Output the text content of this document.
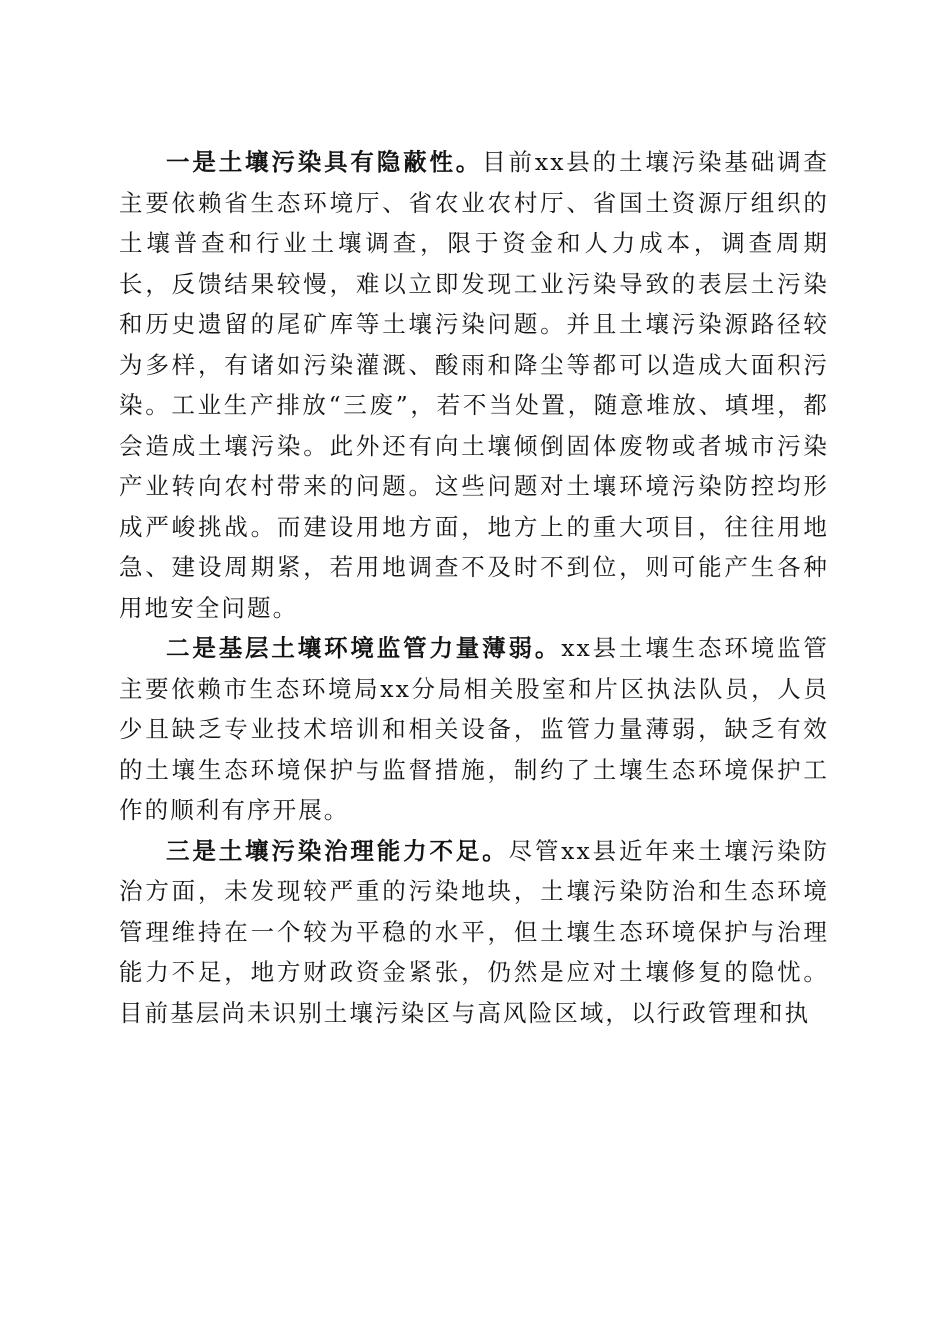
一是土壤污染具有隐蔽性。目前xx县的土壤污染基础调查主要依赖省生态环境厅、省农业农村厅、省国土资源厅组织的土壤普查和行业土壤调查，限于资金和人力成本，调查周期长，反馈结果较慢，难以立即发现工业污染导致的表层土污染和历史遗留的尾矿库等土壤污染问题。并且土壤污染源路径较为多样，有诸如污染灌溉、酸雨和降尘等都可以造成大面积污染。工业生产排放“三废”，若不当处置，随意堆放、填埋，都会造成土壤污染。此外还有向土壤倾倒固体废物或者城市污染产业转向农村带来的问题。这些问题对土壤环境污染防控均形成严峻挑战。而建设用地方面，地方上的重大项目，往往用地急、建设周期紧，若用地调查不及时不到位，则可能产生各种用地安全问题。

二是基层土壤环境监管力量薄弱。xx县土壤生态环境监管主要依赖市生态环境局xx分局相关股室和片区执法队员，人员少且缺乏专业技术培训和相关设备，监管力量薄弱，缺乏有效的土壤生态环境保护与监督措施，制约了土壤生态环境保护工作的顺利有序开展。

三是土壤污染治理能力不足。尽管xx县近年来土壤污染防治方面，未发现较严重的污染地块，土壤污染防治和生态环境管理维持在一个较为平稳的水平，但土壤生态环境保护与治理能力不足，地方财政资金紧张，仍然是应对土壤修复的隐忧。目前基层尚未识别土壤污染区与高风险区域，以行政管理和执
